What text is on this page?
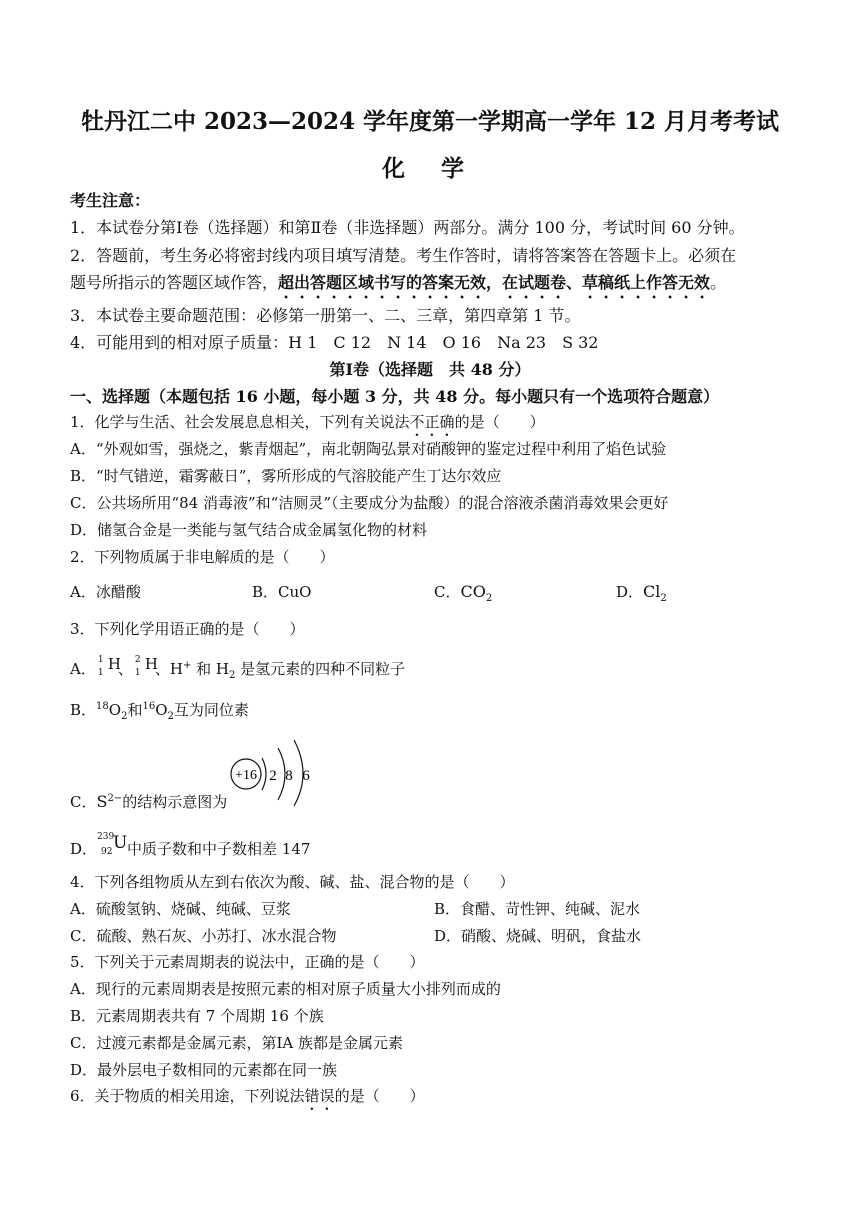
牡丹江二中 2023—2024 学年度第一学期高一学年 12 月月考考试
化 学
考生注意：
1．本试卷分第Ⅰ卷（选择题）和第Ⅱ卷（非选择题）两部分。满分 100 分，考试时间 60 分钟。
2．答题前，考生务必将密封线内项目填写清楚。考生作答时，请将答案答在答题卡上。必须在
题号所指示的答题区域作答，超出答题区域书写的答案无效，在试题卷、草稿纸上作答无效。
3．本试卷主要命题范围：必修第一册第一、二、三章，第四章第 1 节。
4．可能用到的相对原子质量：H 1　C 12　N 14　O 16　Na 23　S 32
第Ⅰ卷（选择题　共 48 分）
一、选择题（本题包括 16 小题，每小题 3 分，共 48 分。每小题只有一个选项符合题意）
1．化学与生活、社会发展息息相关，下列有关说法不正确的是（　　）
A．“外观如雪，强烧之，紫青烟起”，南北朝陶弘景对硝酸钾的鉴定过程中利用了焰色试验
B．“时气错逆，霜雾蔽日”，雾所形成的气溶胶能产生丁达尔效应
C．公共场所用“84 消毒液”和“洁厕灵”（主要成分为盐酸）的混合溶液杀菌消毒效果会更好
D．储氢合金是一类能与氢气结合成金属氢化物的材料
2．下列物质属于非电解质的是（　　）
A．冰醋酸	B．CuO	C．$CO_2$	D．$Cl_2$
3．下列化学用语正确的是（　　）
A． 1
1 H
、 2
1 H
、H+ 和 $H_2$ 是氢元素的四种不同粒子
B．$^{18}O_2$和$^{16}O_2$互为同位素
C．$S^{2-}$的结构示意图为
+16 2 8 6
D．
239
92 U 中质子数和中子数相差 147
4．下列各组物质从左到右依次为酸、碱、盐、混合物的是（　　）
A．硫酸氢钠、烧碱、纯碱、豆浆	B．食醋、苛性钾、纯碱、泥水
C．硫酸、熟石灰、小苏打、冰水混合物	D．硝酸、烧碱、明矾，食盐水
5．下列关于元素周期表的说法中，正确的是（　　）
A．现行的元素周期表是按照元素的相对原子质量大小排列而成的
B．元素周期表共有 7 个周期 16 个族
C．过渡元素都是金属元素，第ⅠA 族都是金属元素
D．最外层电子数相同的元素都在同一族
6．关于物质的相关用途，下列说法错误的是（　　）
